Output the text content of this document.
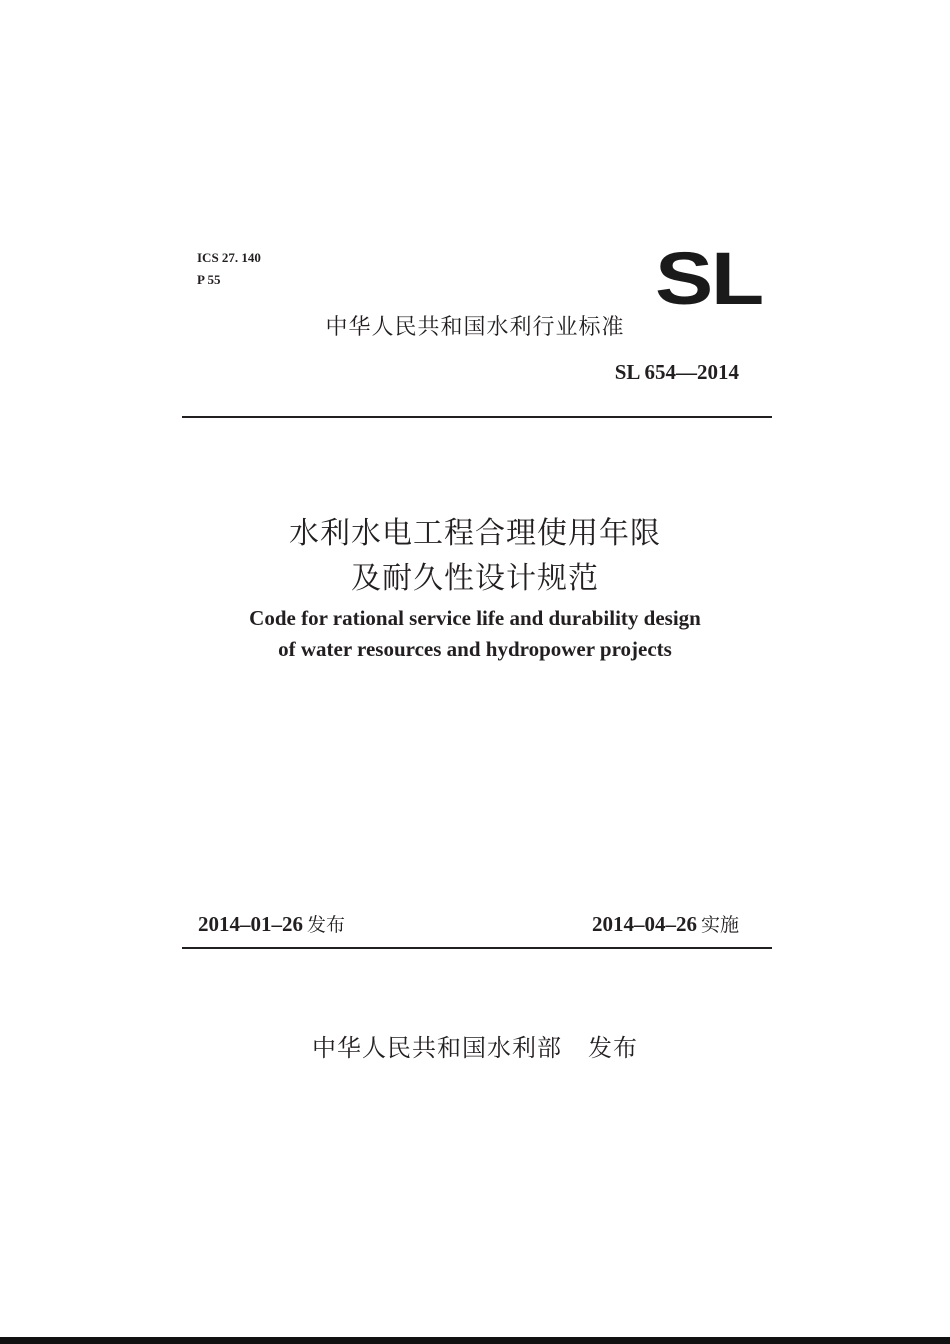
ICS 27. 140
P 55	SL
中华人民共和国水利行业标准
SL 654—2014
水利水电工程合理使用年限
及耐久性设计规范
Code for rational service life and durability design
of water resources and hydropower projects
2014–01–26 发布	2014–04–26 实施
中华人民共和国水利部 发布
